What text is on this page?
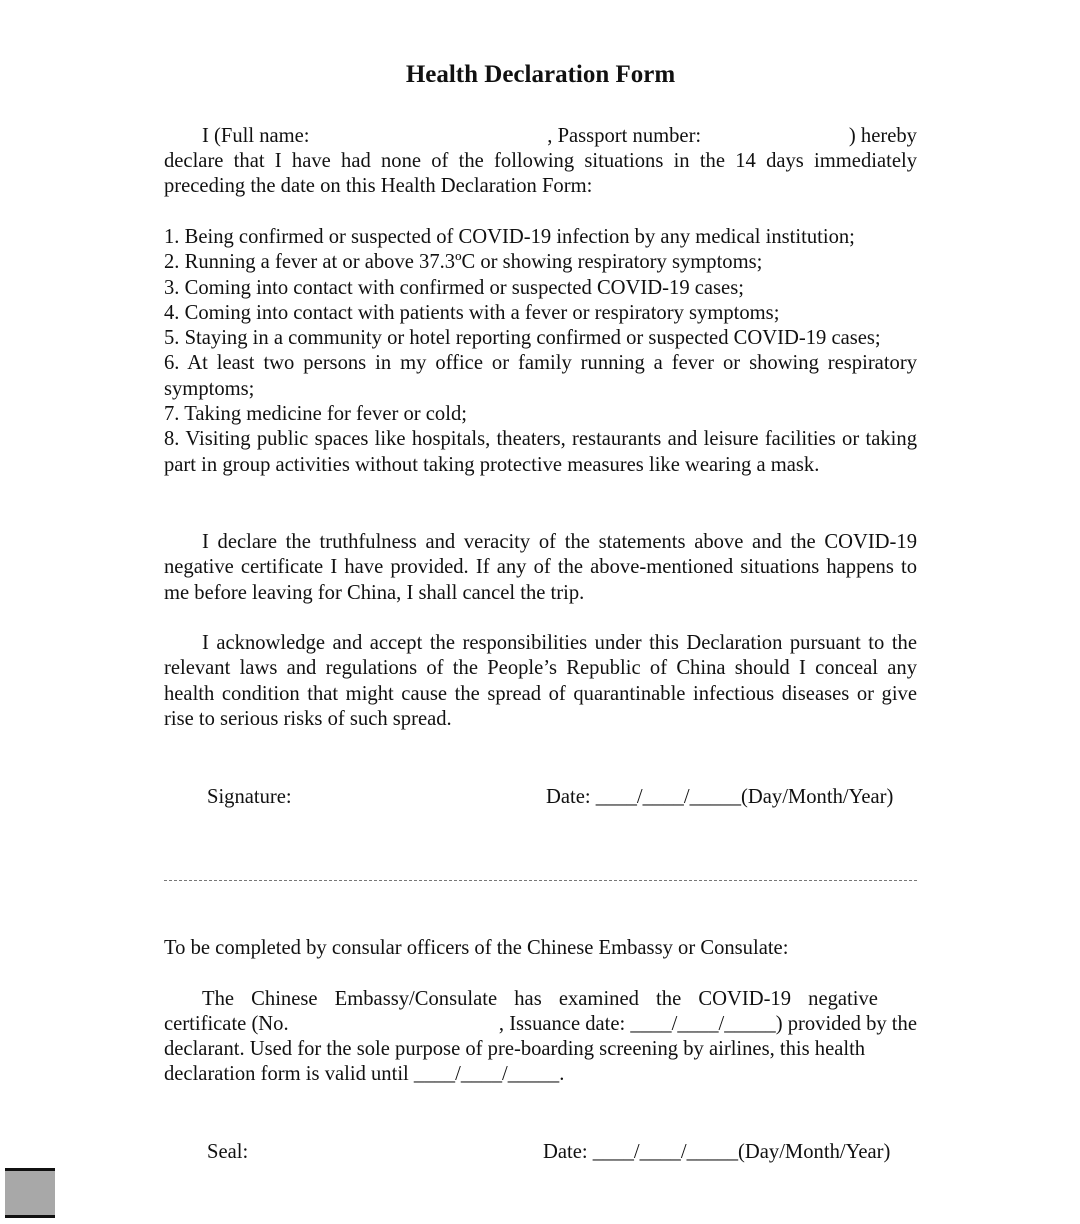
Health Declaration Form
I (Full name:	, Passport number:	) hereby

declare that I have had none of the following situations in the 14 days immediately preceding the date on this Health Declaration Form:

1. Being confirmed or suspected of COVID-19 infection by any medical institution;
2. Running a fever at or above 37.3ºC or showing respiratory symptoms;
3. Coming into contact with confirmed or suspected COVID-19 cases;
4. Coming into contact with patients with a fever or respiratory symptoms;
5. Staying in a community or hotel reporting confirmed or suspected COVID-19 cases;
6. At least two persons in my office or family running a fever or showing respiratory symptoms;
7. Taking medicine for fever or cold;
8. Visiting public spaces like hospitals, theaters, restaurants and leisure facilities or taking part in group activities without taking protective measures like wearing a mask.

I declare the truthfulness and veracity of the statements above and the COVID-19 negative certificate I have provided. If any of the above-mentioned situations happens to me before leaving for China, I shall cancel the trip.

I acknowledge and accept the responsibilities under this Declaration pursuant to the relevant laws and regulations of the People’s Republic of China should I conceal any health condition that might cause the spread of quarantinable infectious diseases or give rise to serious risks of such spread.

To be completed by consular officers of the Chinese Embassy or Consulate:

The Chinese Embassy/Consulate has examined the COVID-19 negative
certificate (No.	, Issuance date: ____/____/_____) provided by the
declarant. Used for the sole purpose of pre-boarding screening by airlines, this health
declaration form is valid until ____/____/_____.
Signature:	Date: ____/____/_____(Day/Month/Year)
Seal:	Date: ____/____/_____(Day/Month/Year)
